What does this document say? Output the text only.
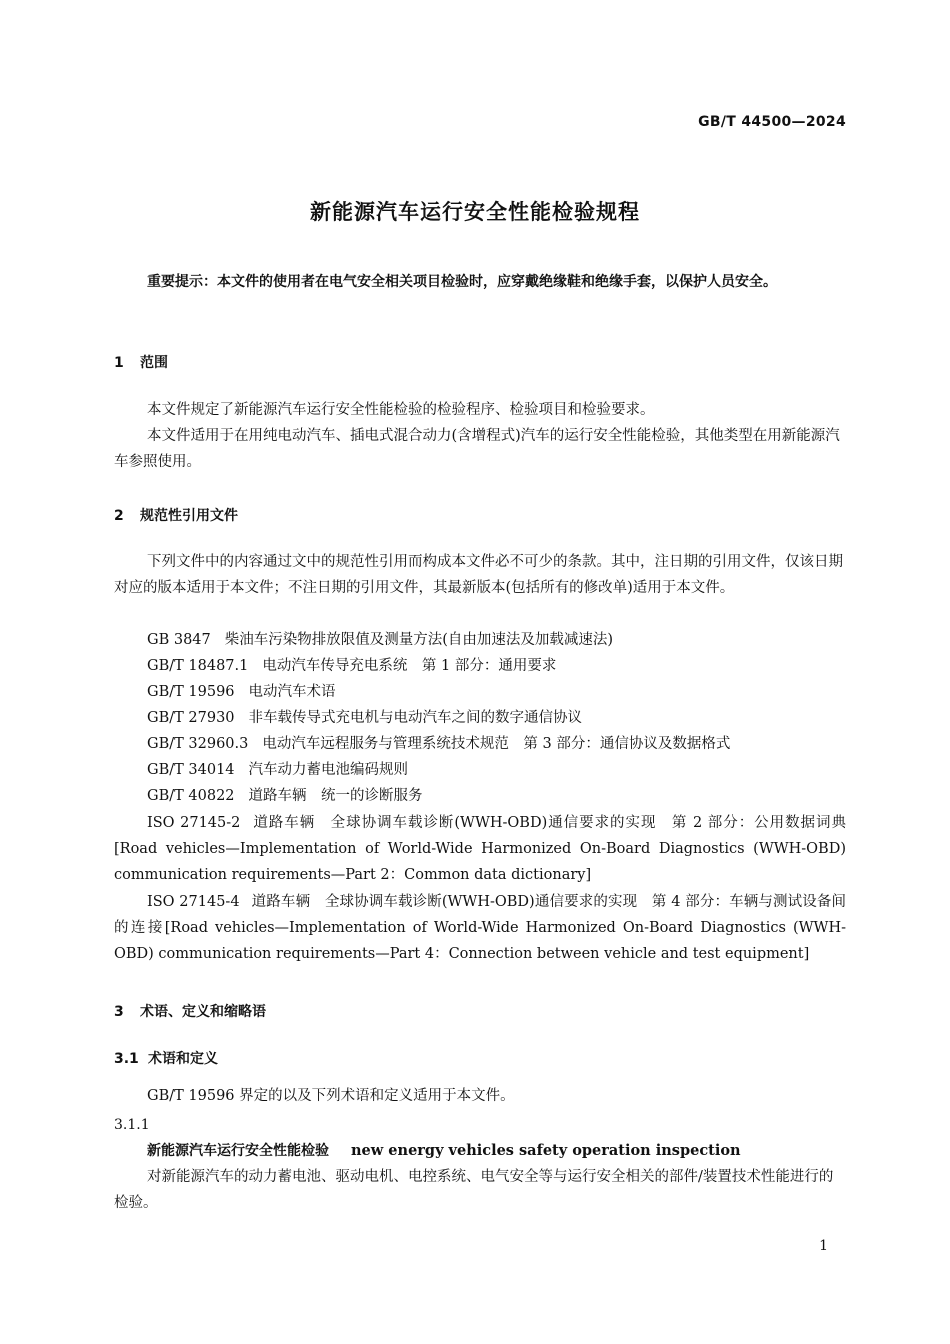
GB/T 44500—2024
新能源汽车运行安全性能检验规程
重要提示：本文件的使用者在电气安全相关项目检验时，应穿戴绝缘鞋和绝缘手套，以保护人员安全。
1 范围
本文件规定了新能源汽车运行安全性能检验的检验程序、检验项目和检验要求。
本文件适用于在用纯电动汽车、插电式混合动力(含增程式)汽车的运行安全性能检验，其他类型在用新能源汽车参照使用。
2 规范性引用文件
下列文件中的内容通过文中的规范性引用而构成本文件必不可少的条款。其中，注日期的引用文件，仅该日期对应的版本适用于本文件；不注日期的引用文件，其最新版本(包括所有的修改单)适用于本文件。
GB 3847 柴油车污染物排放限值及测量方法(自由加速法及加载减速法)
GB/T 18487.1 电动汽车传导充电系统　第 1 部分：通用要求
GB/T 19596 电动汽车术语
GB/T 27930 非车载传导式充电机与电动汽车之间的数字通信协议
GB/T 32960.3 电动汽车远程服务与管理系统技术规范　第 3 部分：通信协议及数据格式
GB/T 34014 汽车动力蓄电池编码规则
GB/T 40822 道路车辆　统一的诊断服务
ISO 27145-2 道路车辆　全球协调车载诊断(WWH-OBD)通信要求的实现　第 2 部分：公用数据词典[Road vehicles—Implementation of World-Wide Harmonized On-Board Diagnostics (WWH-OBD) communication requirements—Part 2：Common data dictionary]
ISO 27145-4 道路车辆　全球协调车载诊断(WWH-OBD)通信要求的实现　第 4 部分：车辆与测试设备间的连接[Road vehicles—Implementation of World-Wide Harmonized On-Board Diagnostics (WWH-OBD) communication requirements—Part 4：Connection between vehicle and test equipment]
3 术语、定义和缩略语
3.1 术语和定义
GB/T 19596 界定的以及下列术语和定义适用于本文件。
3.1.1
新能源汽车运行安全性能检验 new energy vehicles safety operation inspection
对新能源汽车的动力蓄电池、驱动电机、电控系统、电气安全等与运行安全相关的部件/装置技术性能进行的检验。
1
